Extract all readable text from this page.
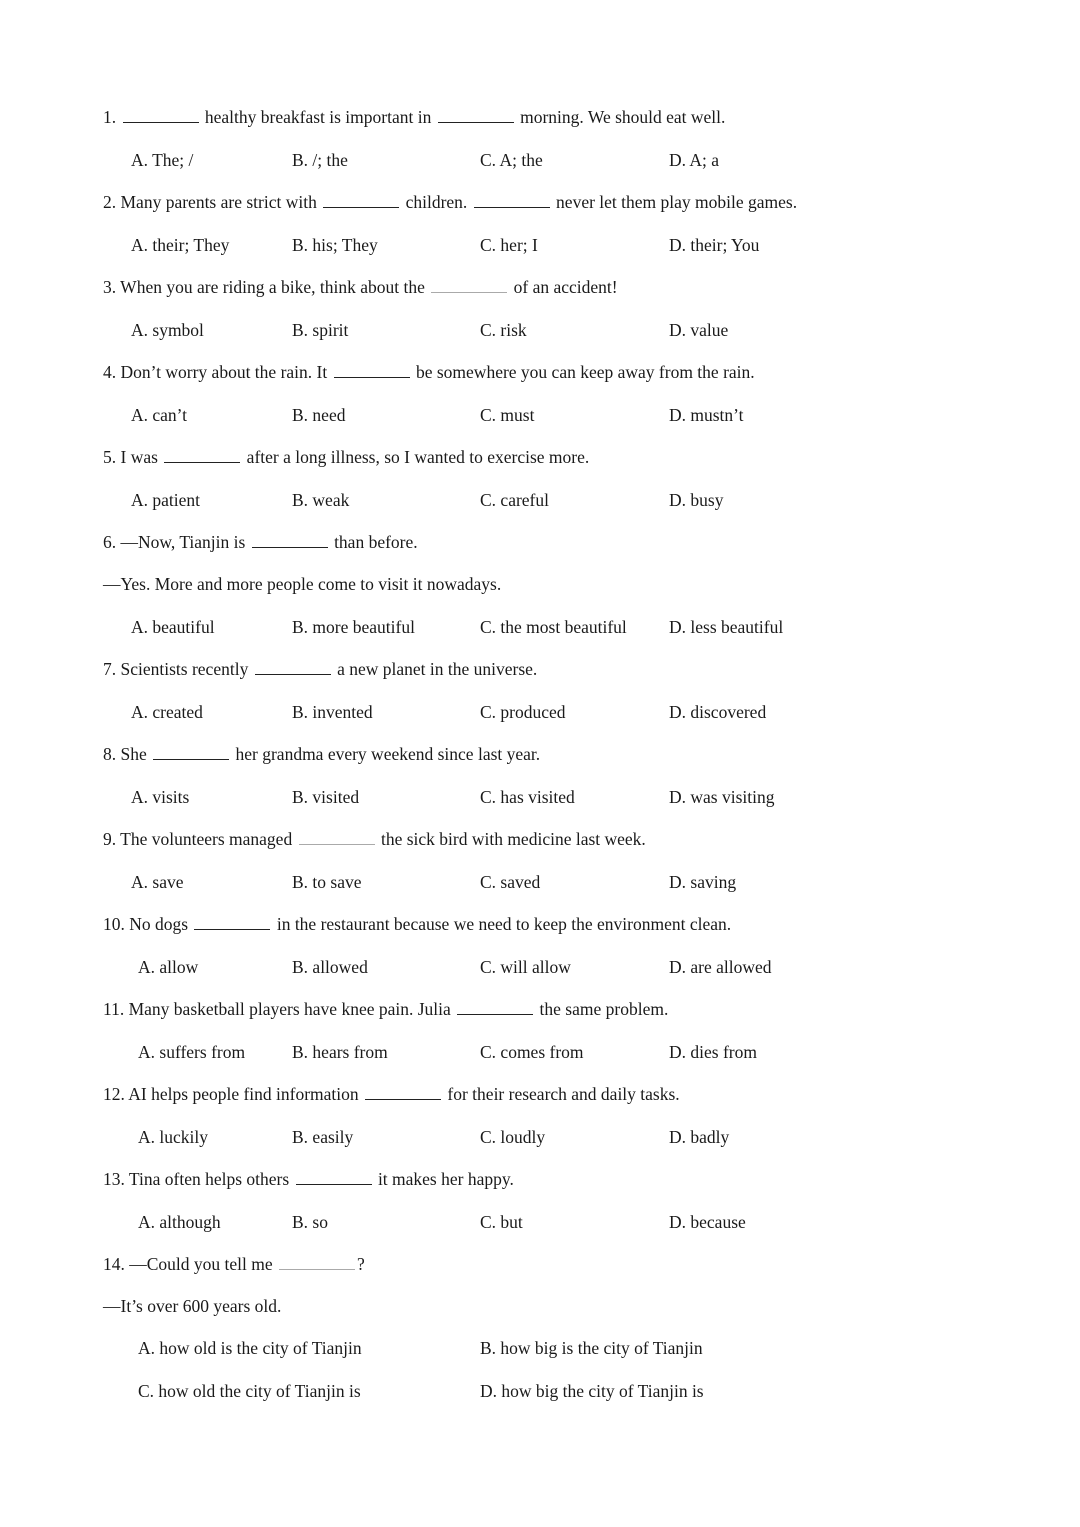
1.	healthy breakfast is important in	morning. We should eat well.
A. The; /	B. /; the	C. A; the	D. A; a
2. Many parents are strict with	children.	never let them play mobile games.
A. their; They	B. his; They	C. her; I	D. their; You
3. When you are riding a bike, think about the	of an accident!
A. symbol	B. spirit	C. risk	D. value
4. Don’t worry about the rain. It	be somewhere you can keep away from the rain.
A. can’t	B. need	C. must	D. mustn’t
5. I was	after a long illness, so I wanted to exercise more.
A. patient	B. weak	C. careful	D. busy
6. —Now, Tianjin is	than before.
—Yes. More and more people come to visit it nowadays.
A. beautiful	B. more beautiful	C. the most beautiful D. less beautiful
7. Scientists recently	a new planet in the universe.
A. created	B. invented	C. produced	D. discovered
8. She	her grandma every weekend since last year.
A. visits	B. visited	C. has visited	D. was visiting
9. The volunteers managed	the sick bird with medicine last week.
A. save	B. to save	C. saved	D. saving
10. No dogs	in the restaurant because we need to keep the environment clean.
A. allow	B. allowed	C. will allow	D. are allowed
11. Many basketball players have knee pain. Julia	the same problem.
A. suffers from	B. hears from	C. comes from	D. dies from
12. AI helps people find information	for their research and daily tasks.
A. luckily	B. easily	C. loudly	D. badly
13. Tina often helps others	it makes her happy.
A. although	B. so	C. but	D. because
14. —Could you tell me	?
—It’s over 600 years old.
A. how old is the city of Tianjin	B. how big is the city of Tianjin
C. how old the city of Tianjin is	D. how big the city of Tianjin is
